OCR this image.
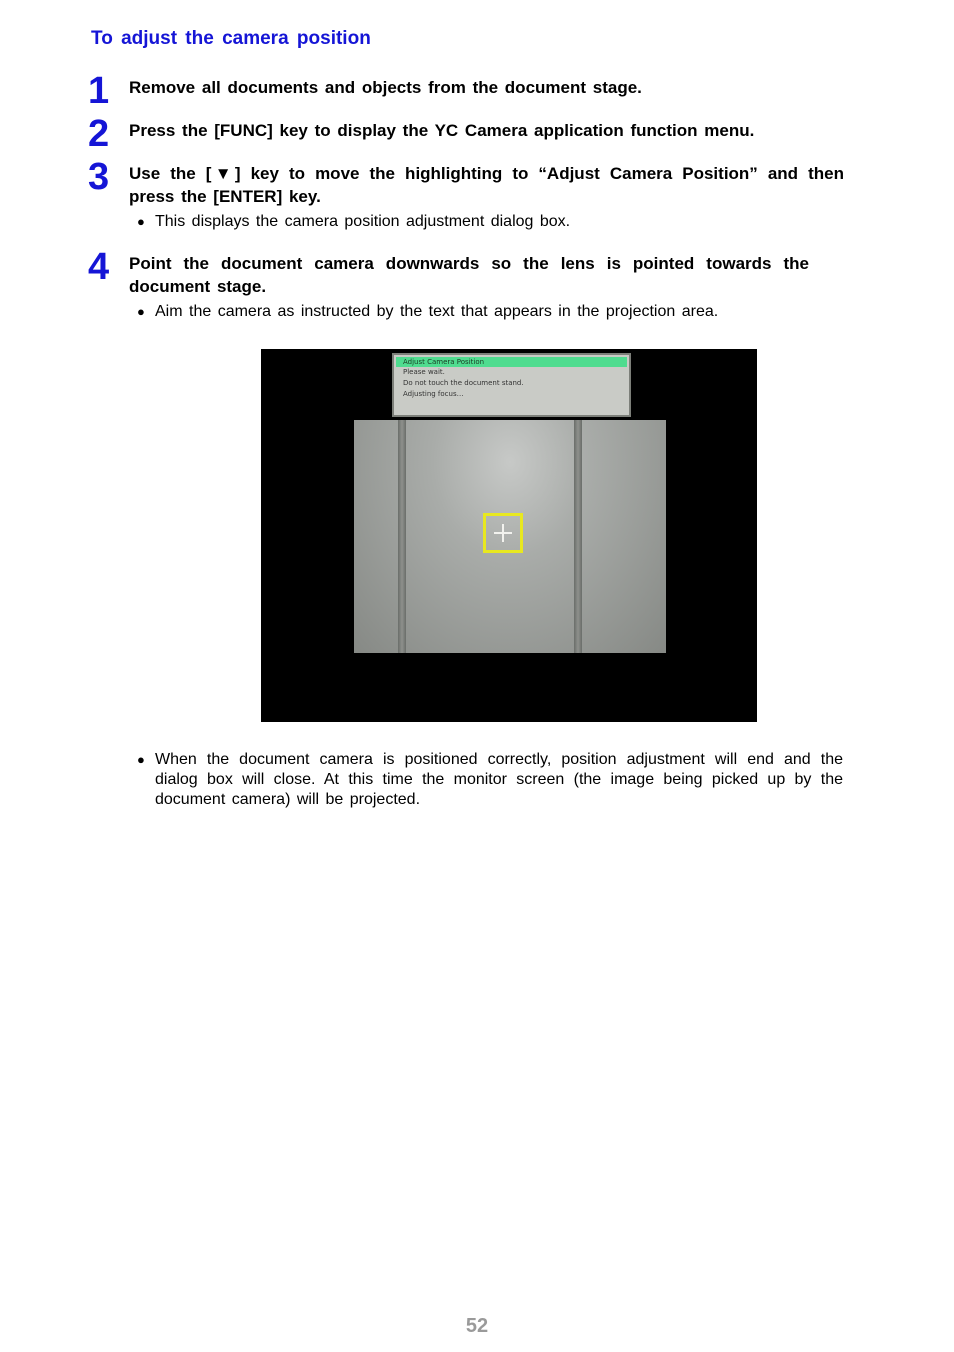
To adjust the camera position
1 Remove all documents and objects from the document stage.

2 Press the [FUNC] key to display the YC Camera application function menu.

3 Use the [▼] key to move the highlighting to “Adjust Camera Position” and then press the [ENTER] key.

● This displays the camera position adjustment dialog box.
4 Point the document camera downwards so the lens is pointed towards the document stage.

● Aim the camera as instructed by the text that appears in the projection area.
Adjust Camera Position
Please wait.
Do not touch the document stand.
Adjusting focus…
● When the document camera is positioned correctly, position adjustment will end and the dialog box will close. At this time the monitor screen (the image being picked up by the document camera) will be projected.
52
